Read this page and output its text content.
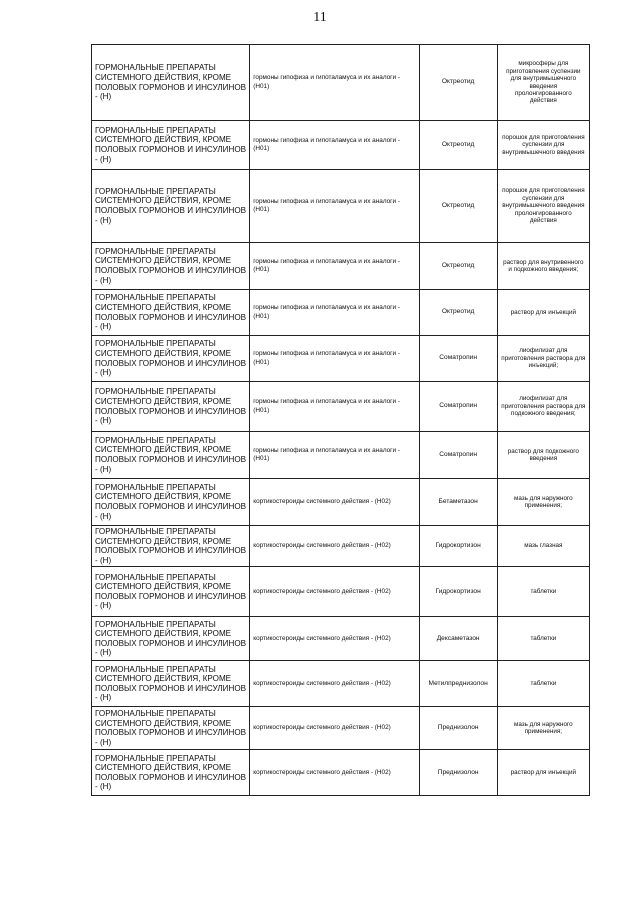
11
ГОРМОНАЛЬНЫЕ ПРЕПАРАТЫ СИСТЕМНОГО ДЕЙСТВИЯ, КРОМЕ ПОЛОВЫХ ГОРМОНОВ И ИНСУЛИНОВ - (H)	гормоны гипофиза и гипоталамуса и их аналоги - (H01)	Октреотид	микросферы для приготовления суспензии для внутримышечного введения пролонгированного действия
ГОРМОНАЛЬНЫЕ ПРЕПАРАТЫ СИСТЕМНОГО ДЕЙСТВИЯ, КРОМЕ ПОЛОВЫХ ГОРМОНОВ И ИНСУЛИНОВ - (H)	гормоны гипофиза и гипоталамуса и их аналоги - (H01)	Октреотид	порошок для приготовления суспензии для внутримышечного введения
ГОРМОНАЛЬНЫЕ ПРЕПАРАТЫ СИСТЕМНОГО ДЕЙСТВИЯ, КРОМЕ ПОЛОВЫХ ГОРМОНОВ И ИНСУЛИНОВ - (H)	гормоны гипофиза и гипоталамуса и их аналоги - (H01)	Октреотид	порошок для приготовления суспензии для внутримышечного введения пролонгированного действия
ГОРМОНАЛЬНЫЕ ПРЕПАРАТЫ СИСТЕМНОГО ДЕЙСТВИЯ, КРОМЕ ПОЛОВЫХ ГОРМОНОВ И ИНСУЛИНОВ - (H)	гормоны гипофиза и гипоталамуса и их аналоги - (H01)	Октреотид	раствор для внутривенного и подкожного введения;
ГОРМОНАЛЬНЫЕ ПРЕПАРАТЫ СИСТЕМНОГО ДЕЙСТВИЯ, КРОМЕ ПОЛОВЫХ ГОРМОНОВ И ИНСУЛИНОВ - (H)	гормоны гипофиза и гипоталамуса и их аналоги - (H01)	Октреотид	раствор для инъекций
ГОРМОНАЛЬНЫЕ ПРЕПАРАТЫ СИСТЕМНОГО ДЕЙСТВИЯ, КРОМЕ ПОЛОВЫХ ГОРМОНОВ И ИНСУЛИНОВ - (H)	гормоны гипофиза и гипоталамуса и их аналоги - (H01)	Соматропин	лиофилизат для приготовления раствора для инъекций;
ГОРМОНАЛЬНЫЕ ПРЕПАРАТЫ СИСТЕМНОГО ДЕЙСТВИЯ, КРОМЕ ПОЛОВЫХ ГОРМОНОВ И ИНСУЛИНОВ - (H)	гормоны гипофиза и гипоталамуса и их аналоги - (H01)	Соматропин	лиофилизат для приготовления раствора для подкожного введения;
ГОРМОНАЛЬНЫЕ ПРЕПАРАТЫ СИСТЕМНОГО ДЕЙСТВИЯ, КРОМЕ ПОЛОВЫХ ГОРМОНОВ И ИНСУЛИНОВ - (H)	гормоны гипофиза и гипоталамуса и их аналоги - (H01)	Соматропин	раствор для подкожного введения
ГОРМОНАЛЬНЫЕ ПРЕПАРАТЫ СИСТЕМНОГО ДЕЙСТВИЯ, КРОМЕ ПОЛОВЫХ ГОРМОНОВ И ИНСУЛИНОВ - (H)	кортикостероиды системного действия - (H02)	Бетаметазон	мазь для наружного применения;
ГОРМОНАЛЬНЫЕ ПРЕПАРАТЫ СИСТЕМНОГО ДЕЙСТВИЯ, КРОМЕ ПОЛОВЫХ ГОРМОНОВ И ИНСУЛИНОВ - (H)	кортикостероиды системного действия - (H02)	Гидрокортизон	мазь глазная
ГОРМОНАЛЬНЫЕ ПРЕПАРАТЫ СИСТЕМНОГО ДЕЙСТВИЯ, КРОМЕ ПОЛОВЫХ ГОРМОНОВ И ИНСУЛИНОВ - (H)	кортикостероиды системного действия - (H02)	Гидрокортизон	таблетки
ГОРМОНАЛЬНЫЕ ПРЕПАРАТЫ СИСТЕМНОГО ДЕЙСТВИЯ, КРОМЕ ПОЛОВЫХ ГОРМОНОВ И ИНСУЛИНОВ - (H)	кортикостероиды системного действия - (H02)	Дексаметазон	таблетки
ГОРМОНАЛЬНЫЕ ПРЕПАРАТЫ СИСТЕМНОГО ДЕЙСТВИЯ, КРОМЕ ПОЛОВЫХ ГОРМОНОВ И ИНСУЛИНОВ - (H)	кортикостероиды системного действия - (H02)	Метилпреднизолон	таблетки
ГОРМОНАЛЬНЫЕ ПРЕПАРАТЫ СИСТЕМНОГО ДЕЙСТВИЯ, КРОМЕ ПОЛОВЫХ ГОРМОНОВ И ИНСУЛИНОВ - (H)	кортикостероиды системного действия - (H02)	Преднизолон	мазь для наружного применения;
ГОРМОНАЛЬНЫЕ ПРЕПАРАТЫ СИСТЕМНОГО ДЕЙСТВИЯ, КРОМЕ ПОЛОВЫХ ГОРМОНОВ И ИНСУЛИНОВ - (H)	кортикостероиды системного действия - (H02)	Преднизолон	раствор для инъекций
